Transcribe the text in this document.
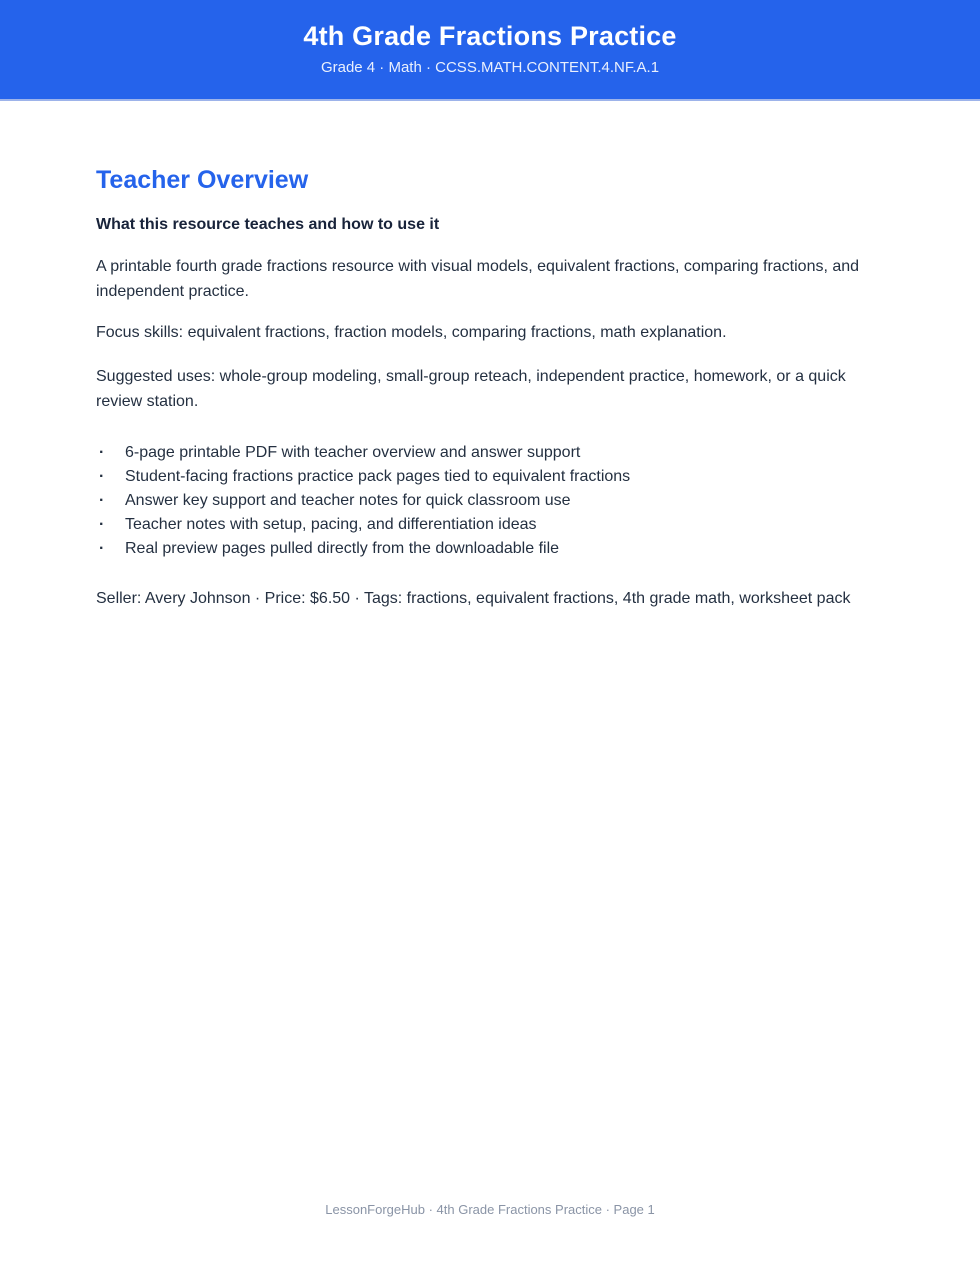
4th Grade Fractions Practice
Grade 4 · Math · CCSS.MATH.CONTENT.4.NF.A.1
Teacher Overview
What this resource teaches and how to use it

A printable fourth grade fractions resource with visual models, equivalent fractions, comparing fractions, and independent practice.

Focus skills: equivalent fractions, fraction models, comparing fractions, math explanation.

Suggested uses: whole-group modeling, small-group reteach, independent practice, homework, or a quick review station.

·	6-page printable PDF with teacher overview and answer support
·	Student-facing fractions practice pack pages tied to equivalent fractions
·	Answer key support and teacher notes for quick classroom use
·	Teacher notes with setup, pacing, and differentiation ideas
·	Real preview pages pulled directly from the downloadable file

Seller: Avery Johnson · Price: $6.50 · Tags: fractions, equivalent fractions, 4th grade math, worksheet pack

LessonForgeHub · 4th Grade Fractions Practice · Page 1
